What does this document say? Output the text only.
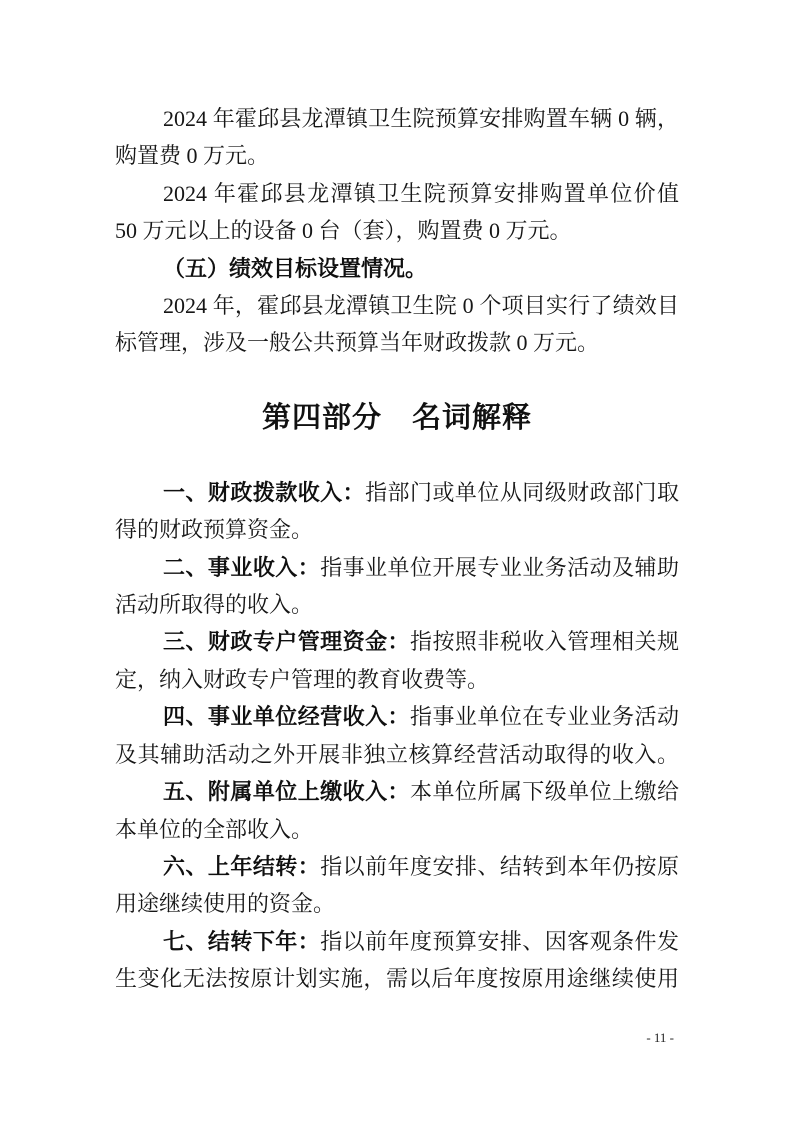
2024 年霍邱县龙潭镇卫生院预算安排购置车辆 0 辆，
购置费 0 万元。
2024 年霍邱县龙潭镇卫生院预算安排购置单位价值
50 万元以上的设备 0 台（套），购置费 0 万元。
（五）绩效目标设置情况。
2024 年，霍邱县龙潭镇卫生院 0 个项目实行了绩效目
标管理，涉及一般公共预算当年财政拨款 0 万元。
第四部分　名词解释
一、财政拨款收入：指部门或单位从同级财政部门取
得的财政预算资金。
二、事业收入：指事业单位开展专业业务活动及辅助
活动所取得的收入。
三、财政专户管理资金：指按照非税收入管理相关规
定，纳入财政专户管理的教育收费等。
四、事业单位经营收入：指事业单位在专业业务活动
及其辅助活动之外开展非独立核算经营活动取得的收入。
五、附属单位上缴收入：本单位所属下级单位上缴给
本单位的全部收入。
六、上年结转：指以前年度安排、结转到本年仍按原
用途继续使用的资金。
七、结转下年：指以前年度预算安排、因客观条件发
生变化无法按原计划实施，需以后年度按原用途继续使用
- 11 -
